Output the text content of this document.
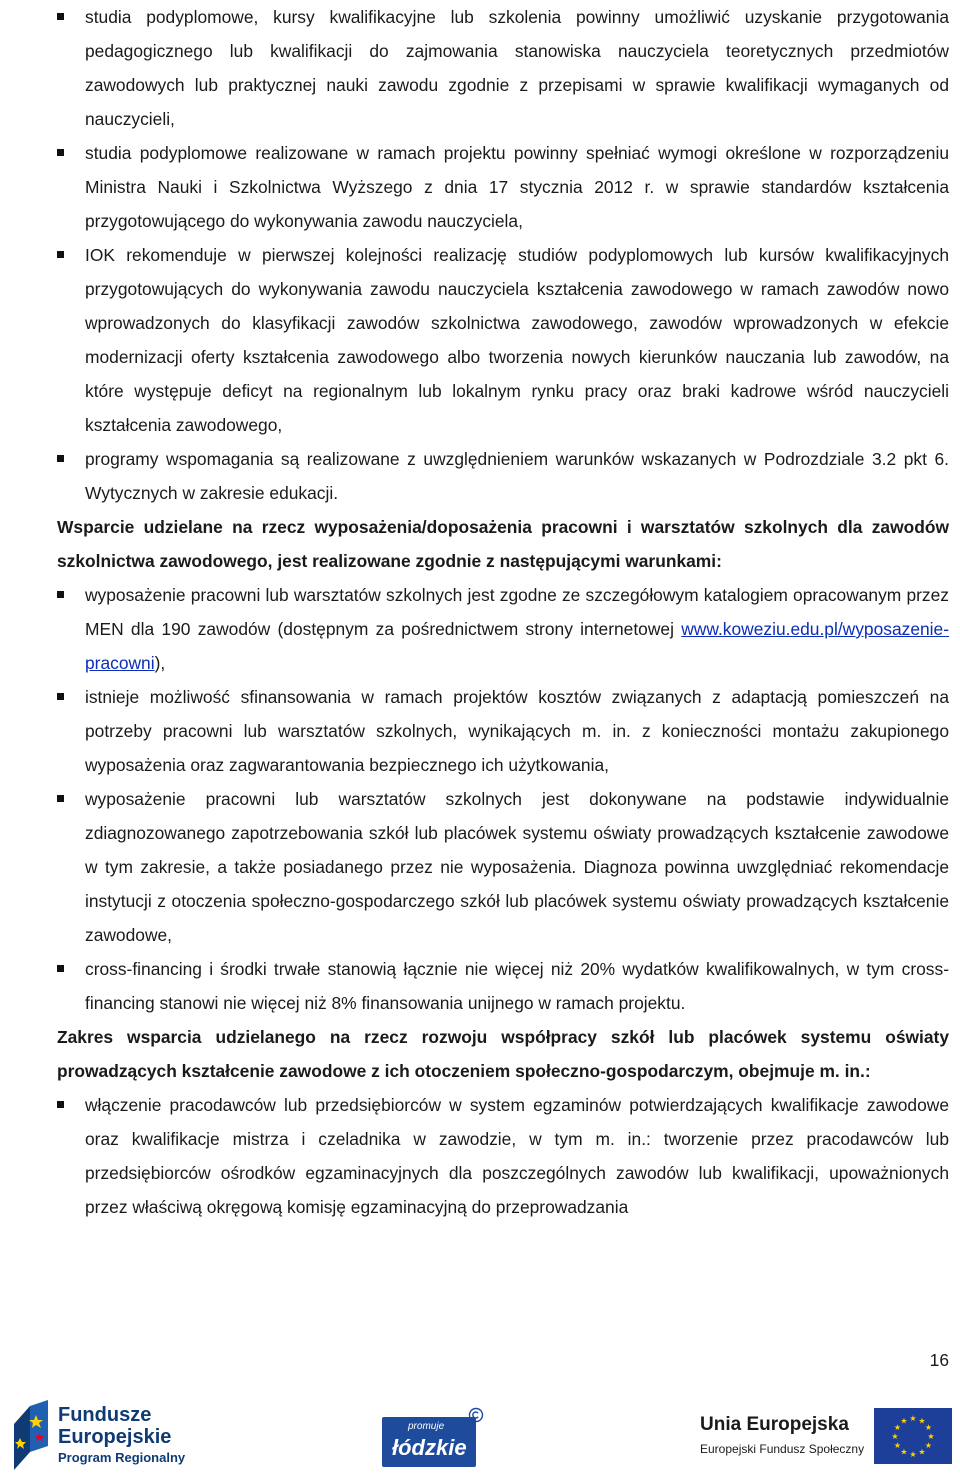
studia podyplomowe, kursy kwalifikacyjne lub szkolenia powinny umożliwić uzyskanie przygotowania pedagogicznego lub kwalifikacji do zajmowania stanowiska nauczyciela teoretycznych przedmiotów zawodowych lub praktycznej nauki zawodu zgodnie z przepisami w sprawie kwalifikacji wymaganych od nauczycieli,
studia podyplomowe realizowane w ramach projektu powinny spełniać wymogi określone w rozporządzeniu Ministra Nauki i Szkolnictwa Wyższego z dnia 17 stycznia 2012 r. w sprawie standardów kształcenia przygotowującego do wykonywania zawodu nauczyciela,
IOK rekomenduje w pierwszej kolejności realizację studiów podyplomowych lub kursów kwalifikacyjnych przygotowujących do wykonywania zawodu nauczyciela kształcenia zawodowego w ramach zawodów nowo wprowadzonych do klasyfikacji zawodów szkolnictwa zawodowego, zawodów wprowadzonych w efekcie modernizacji oferty kształcenia zawodowego albo tworzenia nowych kierunków nauczania lub zawodów, na które występuje deficyt na regionalnym lub lokalnym rynku pracy oraz braki kadrowe wśród nauczycieli kształcenia zawodowego,
programy wspomagania są realizowane z uwzględnieniem warunków wskazanych w Podrozdziale 3.2 pkt 6. Wytycznych w zakresie edukacji.

Wsparcie udzielane na rzecz wyposażenia/doposażenia pracowni i warsztatów szkolnych dla zawodów szkolnictwa zawodowego, jest realizowane zgodnie z następującymi warunkami:

wyposażenie pracowni lub warsztatów szkolnych jest zgodne ze szczegółowym katalogiem opracowanym przez MEN dla 190 zawodów (dostępnym za pośrednictwem strony internetowej www.koweziu.edu.pl/wyposazenie-pracowni),
istnieje możliwość sfinansowania w ramach projektów kosztów związanych z adaptacją pomieszczeń na potrzeby pracowni lub warsztatów szkolnych, wynikających m. in. z konieczności montażu zakupionego wyposażenia oraz zagwarantowania bezpiecznego ich użytkowania,
wyposażenie pracowni lub warsztatów szkolnych jest dokonywane na podstawie indywidualnie zdiagnozowanego zapotrzebowania szkół lub placówek systemu oświaty prowadzących kształcenie zawodowe w tym zakresie, a także posiadanego przez nie wyposażenia. Diagnoza powinna uwzględniać rekomendacje instytucji z otoczenia społeczno-gospodarczego szkół lub placówek systemu oświaty prowadzących kształcenie zawodowe,
cross-financing i środki trwałe stanowią łącznie nie więcej niż 20% wydatków kwalifikowalnych, w tym cross-financing stanowi nie więcej niż 8% finansowania unijnego w ramach projektu.

Zakres wsparcia udzielanego na rzecz rozwoju współpracy szkół lub placówek systemu oświaty prowadzących kształcenie zawodowe z ich otoczeniem społeczno-gospodarczym, obejmuje m. in.:

włączenie pracodawców lub przedsiębiorców w system egzaminów potwierdzających kwalifikacje zawodowe oraz kwalifikacje mistrza i czeladnika w zawodzie, w tym m. in.: tworzenie przez pracodawców lub przedsiębiorców ośrodków egzaminacyjnych dla poszczególnych zawodów lub kwalifikacji, upoważnionych przez właściwą okręgową komisję egzaminacyjną do przeprowadzania
16
Fundusze
Europejskie
Program Regionalny
promuje
łódzkie
Unia Europejska
Europejski Fundusz Społeczny
★ ★
★
★
★
★
★
★
★
★
★
★
